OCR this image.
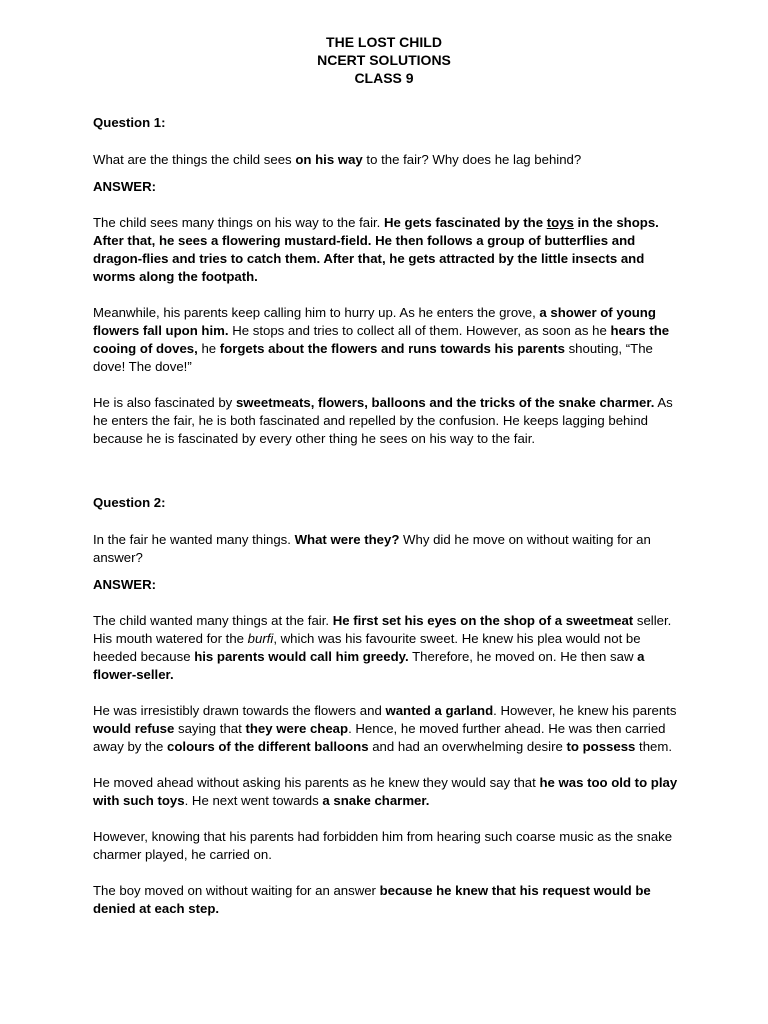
THE LOST CHILD
NCERT SOLUTIONS
CLASS 9
Question 1:
What are the things the child sees on his way to the fair? Why does he lag behind?
ANSWER:

The child sees many things on his way to the fair. He gets fascinated by the toys in the shops. After that, he sees a flowering mustard-field. He then follows a group of butterflies and dragon-flies and tries to catch them. After that, he gets attracted by the little insects and worms along the footpath.

Meanwhile, his parents keep calling him to hurry up. As he enters the grove, a shower of young flowers fall upon him. He stops and tries to collect all of them. However, as soon as he hears the cooing of doves, he forgets about the flowers and runs towards his parents shouting, “The dove! The dove!”

He is also fascinated by sweetmeats, flowers, balloons and the tricks of the snake charmer. As he enters the fair, he is both fascinated and repelled by the confusion. He keeps lagging behind because he is fascinated by every other thing he sees on his way to the fair.

Question 2:
In the fair he wanted many things. What were they? Why did he move on without waiting for an answer?
ANSWER:

The child wanted many things at the fair. He first set his eyes on the shop of a sweetmeat seller. His mouth watered for the burfi, which was his favourite sweet. He knew his plea would not be heeded because his parents would call him greedy. Therefore, he moved on. He then saw a flower-seller.

He was irresistibly drawn towards the flowers and wanted a garland. However, he knew his parents would refuse saying that they were cheap. Hence, he moved further ahead. He was then carried away by the colours of the different balloons and had an overwhelming desire to possess them.

He moved ahead without asking his parents as he knew they would say that he was too old to play with such toys. He next went towards a snake charmer.

However, knowing that his parents had forbidden him from hearing such coarse music as the snake charmer played, he carried on.

The boy moved on without waiting for an answer because he knew that his request would be denied at each step.
